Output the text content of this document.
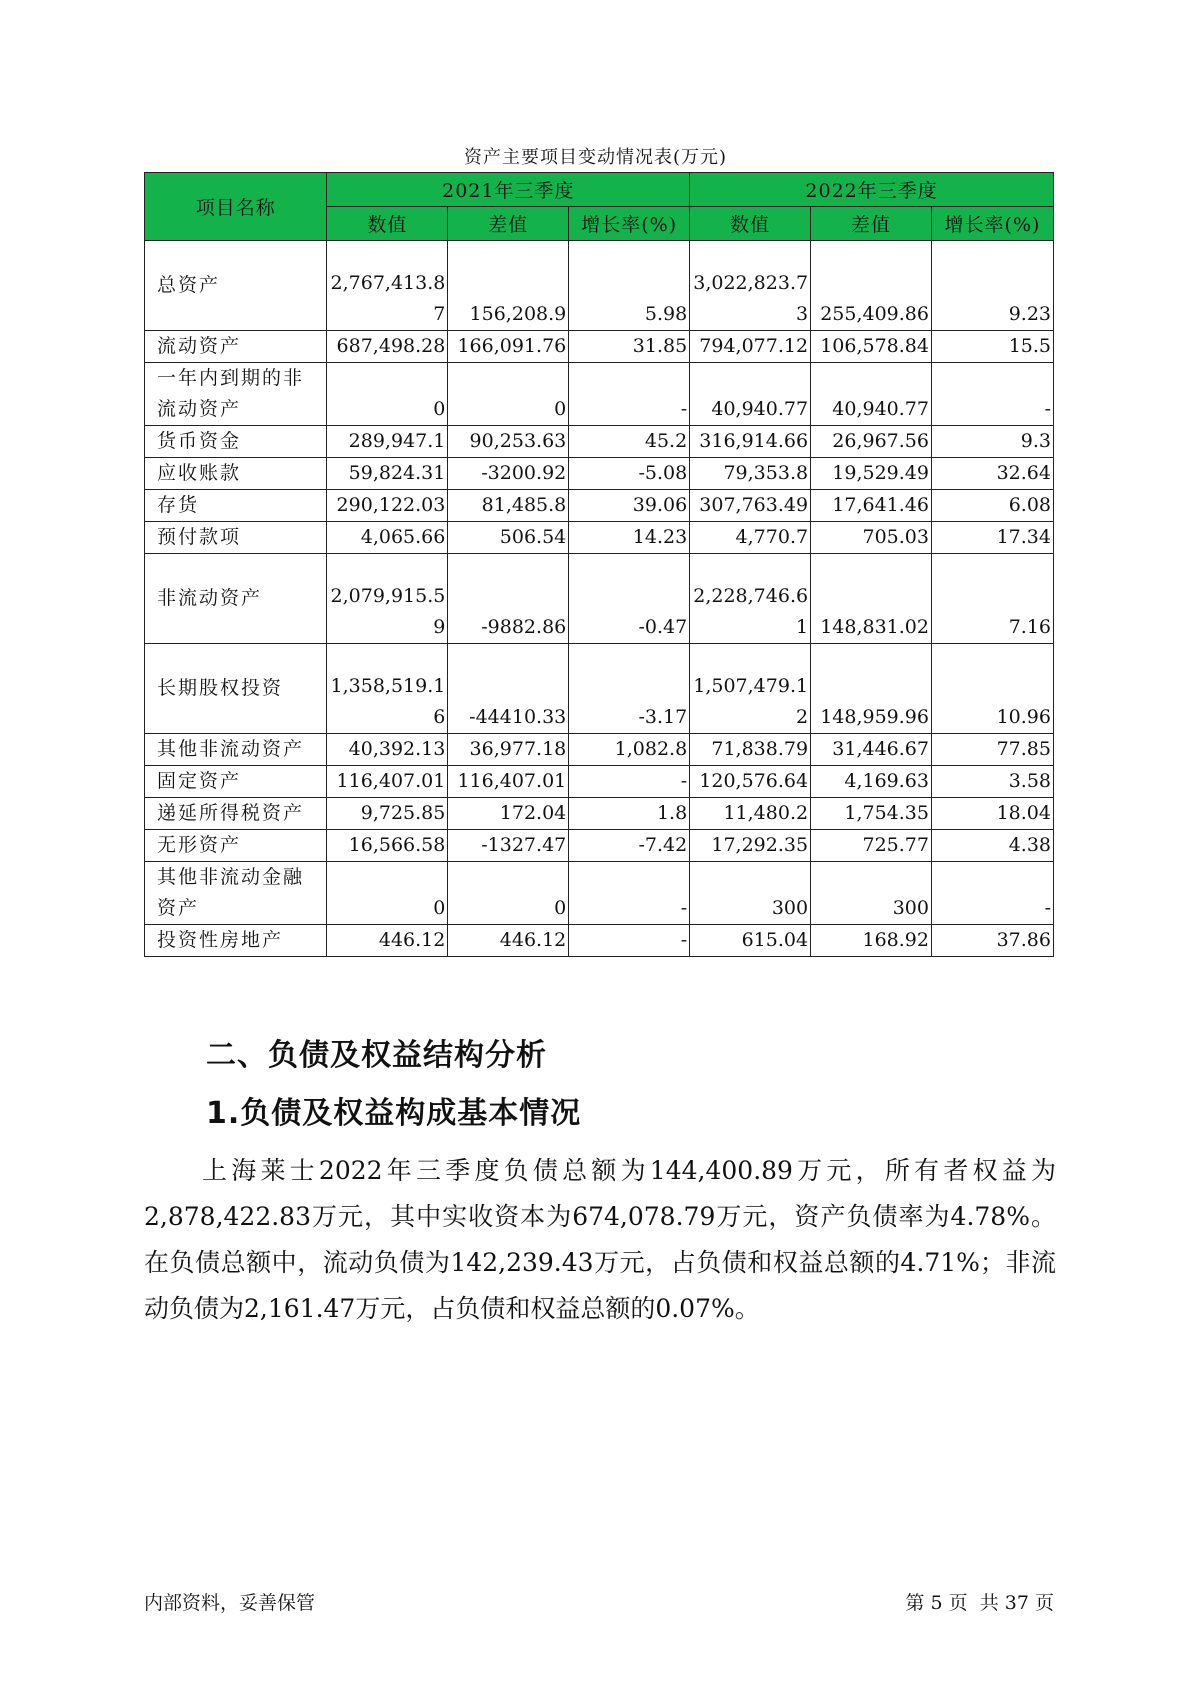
资产主要项目变动情况表(万元)
项目名称	2021年三季度			2022年三季度		
	数值	差值	增长率(%)	数值	差值	增长率(%)
总资产	2,767,413.87	156,208.9	5.98	3,022,823.73	255,409.86	9.23
流动资产	687,498.28	166,091.76	31.85	794,077.12	106,578.84	15.5
一年内到期的非流动资产	0	0	-	40,940.77	40,940.77	-
货币资金	289,947.1	90,253.63	45.2	316,914.66	26,967.56	9.3
应收账款	59,824.31	-3200.92	-5.08	79,353.8	19,529.49	32.64
存货	290,122.03	81,485.8	39.06	307,763.49	17,641.46	6.08
预付款项	4,065.66	506.54	14.23	4,770.7	705.03	17.34
非流动资产	2,079,915.59	-9882.86	-0.47	2,228,746.61	148,831.02	7.16
长期股权投资	1,358,519.16	-44410.33	-3.17	1,507,479.12	148,959.96	10.96
其他非流动资产	40,392.13	36,977.18	1,082.8	71,838.79	31,446.67	77.85
固定资产	116,407.01	116,407.01	-	120,576.64	4,169.63	3.58
递延所得税资产	9,725.85	172.04	1.8	11,480.2	1,754.35	18.04
无形资产	16,566.58	-1327.47	-7.42	17,292.35	725.77	4.38
其他非流动金融资产	0	0	-	300	300	-
投资性房地产	446.12	446.12	-	615.04	168.92	37.86
二、负债及权益结构分析
1.负债及权益构成基本情况
上海莱士2022年三季度负债总额为144,400.89万元，所有者权益为2,878,422.83万元，其中实收资本为674,078.79万元，资产负债率为4.78%。在负债总额中，流动负债为142,239.43万元，占负债和权益总额的4.71%；非流动负债为2,161.47万元，占负债和权益总额的0.07%。
内部资料，妥善保管	第 5 页 共 37 页
